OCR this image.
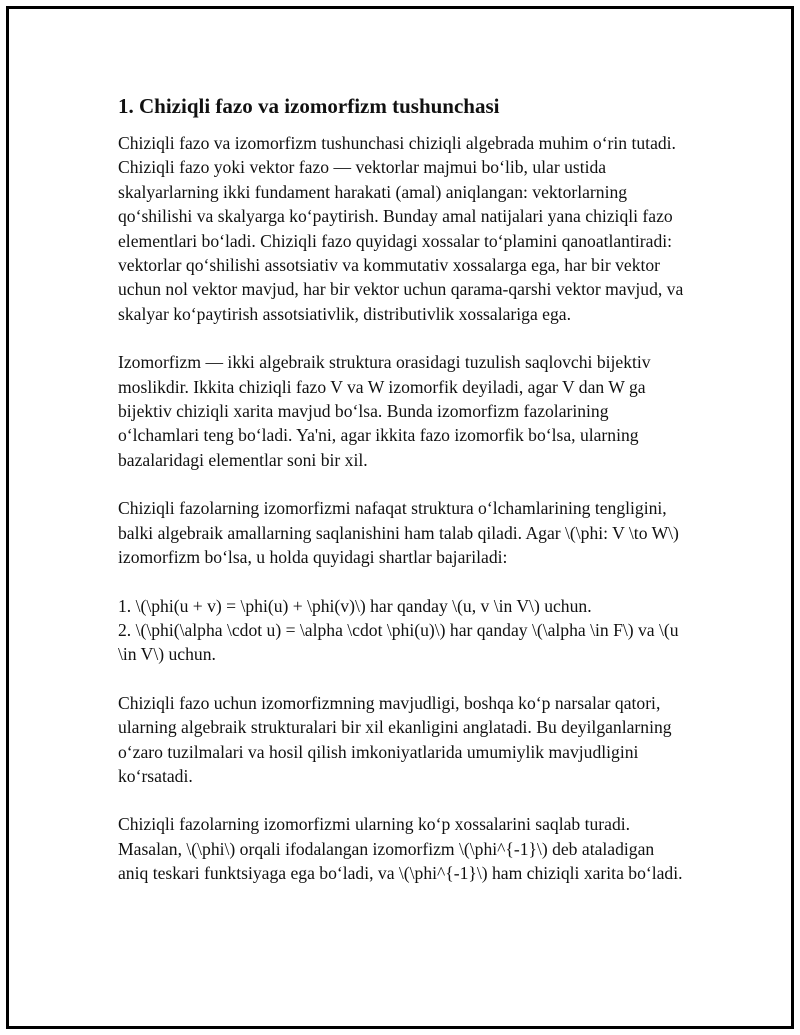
1. Chiziqli fazo va izomorfizm tushunchasi

Chiziqli fazo va izomorfizm tushunchasi chiziqli algebrada muhim o‘rin tutadi. Chiziqli fazo yoki vektor fazo — vektorlar majmui bo‘lib, ular ustida skalyarlarning ikki fundament harakati (amal) aniqlangan: vektorlarning qo‘shilishi va skalyarga ko‘paytirish. Bunday amal natijalari yana chiziqli fazo elementlari bo‘ladi. Chiziqli fazo quyidagi xossalar to‘plamini qanoatlantiradi: vektorlar qo‘shilishi assotsiativ va kommutativ xossalarga ega, har bir vektor uchun nol vektor mavjud, har bir vektor uchun qarama-qarshi vektor mavjud, va skalyar ko‘paytirish assotsiativlik, distributivlik xossalariga ega.

Izomorfizm — ikki algebraik struktura orasidagi tuzulish saqlovchi bijektiv moslikdir. Ikkita chiziqli fazo V va W izomorfik deyiladi, agar V dan W ga bijektiv chiziqli xarita mavjud bo‘lsa. Bunda izomorfizm fazolarining o‘lchamlari teng bo‘ladi. Ya'ni, agar ikkita fazo izomorfik bo‘lsa, ularning bazalaridagi elementlar soni bir xil.

Chiziqli fazolarning izomorfizmi nafaqat struktura o‘lchamlarining tengligini, balki algebraik amallarning saqlanishini ham talab qiladi. Agar \(\phi: V \to W\) izomorfizm bo‘lsa, u holda quyidagi shartlar bajariladi:

1. \(\phi(u + v) = \phi(u) + \phi(v)\) har qanday \(u, v \in V\) uchun.
2. \(\phi(\alpha \cdot u) = \alpha \cdot \phi(u)\) har qanday \(\alpha \in F\) va \(u \in V\) uchun.

Chiziqli fazo uchun izomorfizmning mavjudligi, boshqa ko‘p narsalar qatori, ularning algebraik strukturalari bir xil ekanligini anglatadi. Bu deyilganlarning o‘zaro tuzilmalari va hosil qilish imkoniyatlarida umumiylik mavjudligini ko‘rsatadi.

Chiziqli fazolarning izomorfizmi ularning ko‘p xossalarini saqlab turadi. Masalan, \(\phi\) orqali ifodalangan izomorfizm \(\phi^{-1}\) deb ataladigan aniq teskari funktsiyaga ega bo‘ladi, va \(\phi^{-1}\) ham chiziqli xarita bo‘ladi.
